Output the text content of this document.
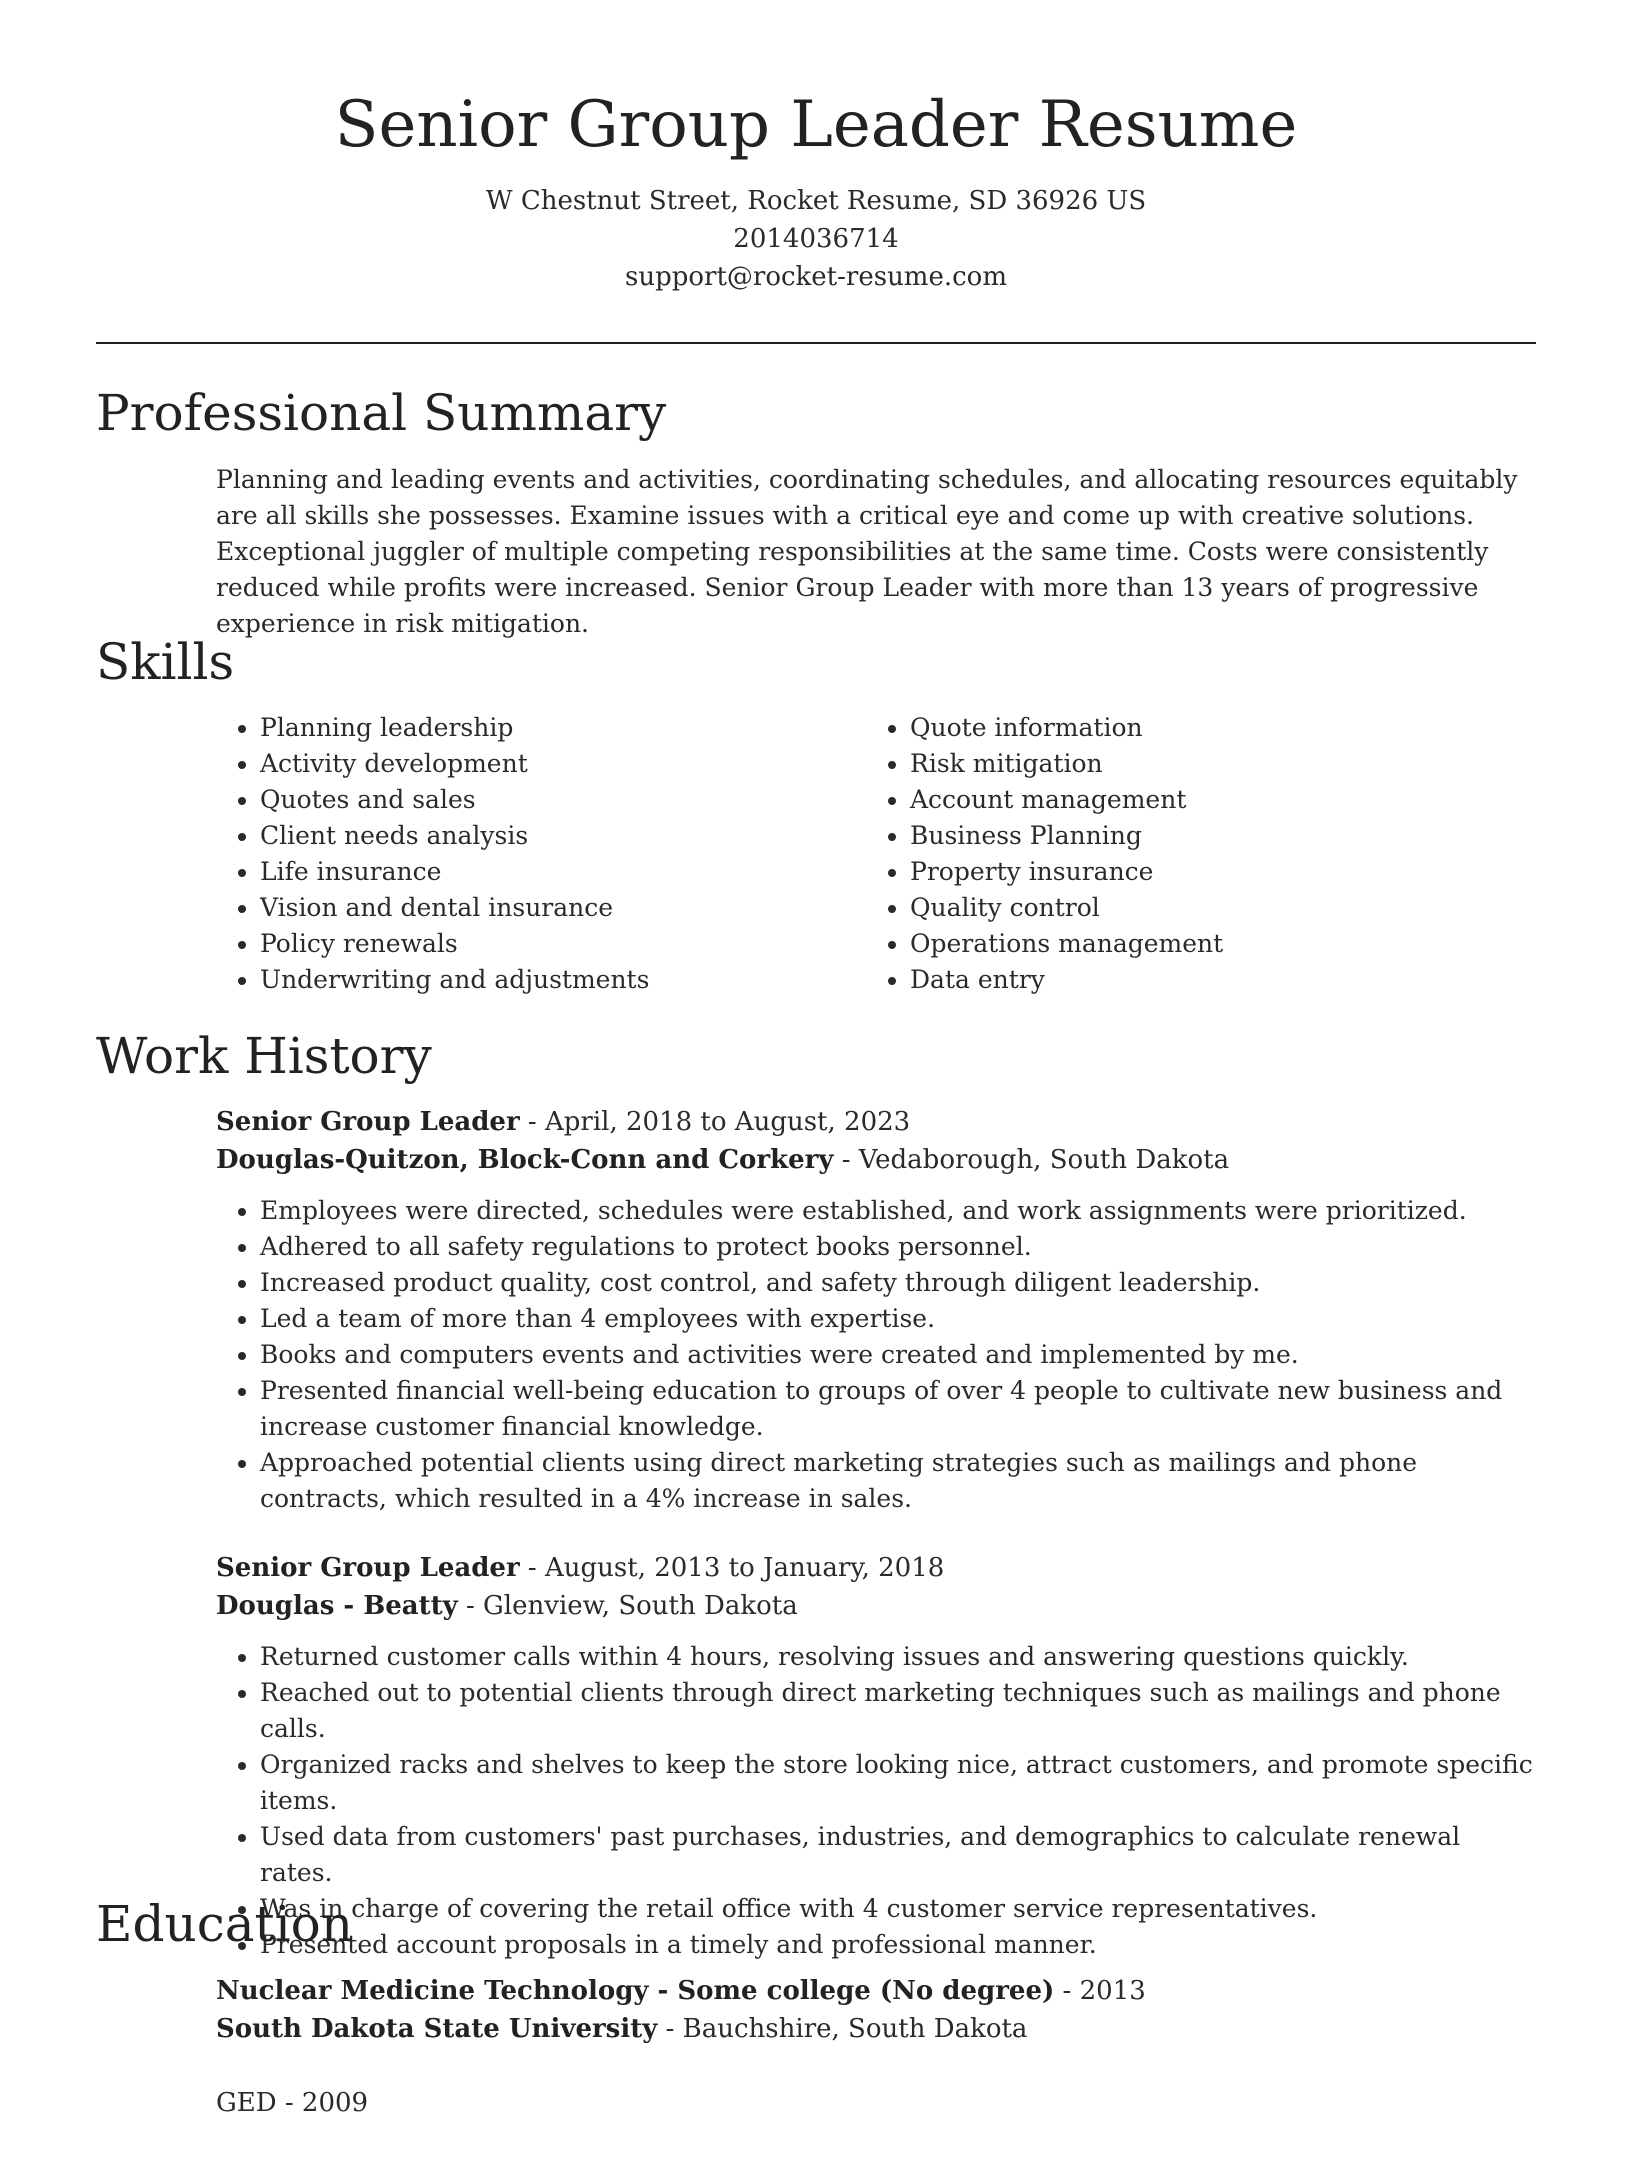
Senior Group Leader Resume

W Chestnut Street, Rocket Resume, SD 36926 US

2014036714

support@rocket-resume.com

Professional Summary

Planning and leading events and activities, coordinating schedules, and allocating resources equitably are all skills she possesses. Examine issues with a critical eye and come up with creative solutions. Exceptional juggler of multiple competing responsibilities at the same time. Costs were consistently reduced while profits were increased. Senior Group Leader with more than 13 years of progressive experience in risk mitigation.

Skills
• Planning leadership
• Activity development
• Quotes and sales
• Client needs analysis
• Life insurance
• Vision and dental insurance
• Policy renewals
• Underwriting and adjustments
• Quote information
• Risk mitigation
• Account management
• Business Planning
• Property insurance
• Quality control
• Operations management
• Data entry
Work History

Senior Group Leader - April, 2018 to August, 2023

Douglas-Quitzon, Block-Conn and Corkery - Vedaborough, South Dakota

• Employees were directed, schedules were established, and work assignments were prioritized.
• Adhered to all safety regulations to protect books personnel.
• Increased product quality, cost control, and safety through diligent leadership.
• Led a team of more than 4 employees with expertise.
• Books and computers events and activities were created and implemented by me.
• Presented financial well-being education to groups of over 4 people to cultivate new business and increase customer financial knowledge.
• Approached potential clients using direct marketing strategies such as mailings and phone contracts, which resulted in a 4% increase in sales.

Senior Group Leader - August, 2013 to January, 2018

Douglas - Beatty - Glenview, South Dakota

• Returned customer calls within 4 hours, resolving issues and answering questions quickly.
• Reached out to potential clients through direct marketing techniques such as mailings and phone calls.
• Organized racks and shelves to keep the store looking nice, attract customers, and promote specific items.
• Used data from customers' past purchases, industries, and demographics to calculate renewal rates.
• Was in charge of covering the retail office with 4 customer service representatives.
• Presented account proposals in a timely and professional manner.
Education

Nuclear Medicine Technology - Some college (No degree) - 2013

South Dakota State University - Bauchshire, South Dakota

GED - 2009
